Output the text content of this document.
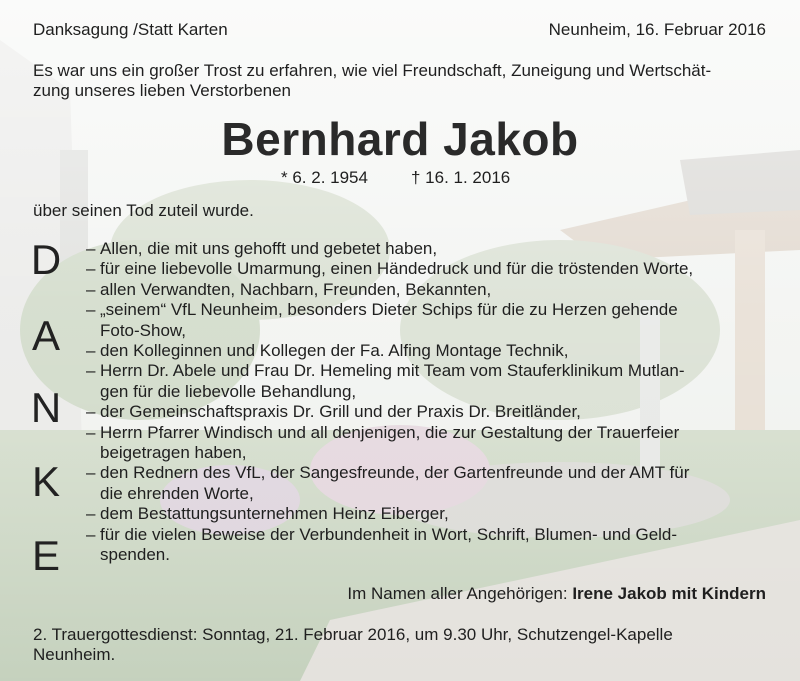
Danksagung /Statt Karten	Neunheim, 16. Februar 2016
Es war uns ein großer Trost zu erfahren, wie viel Freundschaft, Zuneigung und Wertschät-
zung unseres lieben Verstorbenen
Bernhard Jakob
* 6. 2. 1954	† 16. 1. 2016
über seinen Tod zuteil wurde.
D
A
N
K
E
– Allen, die mit uns gehofft und gebetet haben,
– für eine liebevolle Umarmung, einen Händedruck und für die tröstenden Worte,
– allen Verwandten, Nachbarn, Freunden, Bekannten,
– „seinem“ VfL Neunheim, besonders Dieter Schips für die zu Herzen gehende
Foto-Show,
– den Kolleginnen und Kollegen der Fa. Alfing Montage Technik,
– Herrn Dr. Abele und Frau Dr. Hemeling mit Team vom Stauferklinikum Mutlan-
gen für die liebevolle Behandlung,
– der Gemeinschaftspraxis Dr. Grill und der Praxis Dr. Breitländer,
– Herrn Pfarrer Windisch und all denjenigen, die zur Gestaltung der Trauerfeier
beigetragen haben,
– den Rednern des VfL, der Sangesfreunde, der Gartenfreunde und der AMT für
die ehrenden Worte,
– dem Bestattungsunternehmen Heinz Eiberger,
– für die vielen Beweise der Verbundenheit in Wort, Schrift, Blumen- und Geld-
spenden.
Im Namen aller Angehörigen: Irene Jakob mit Kindern
2. Trauergottesdienst: Sonntag, 21. Februar 2016, um 9.30 Uhr, Schutzengel-Kapelle
Neunheim.
